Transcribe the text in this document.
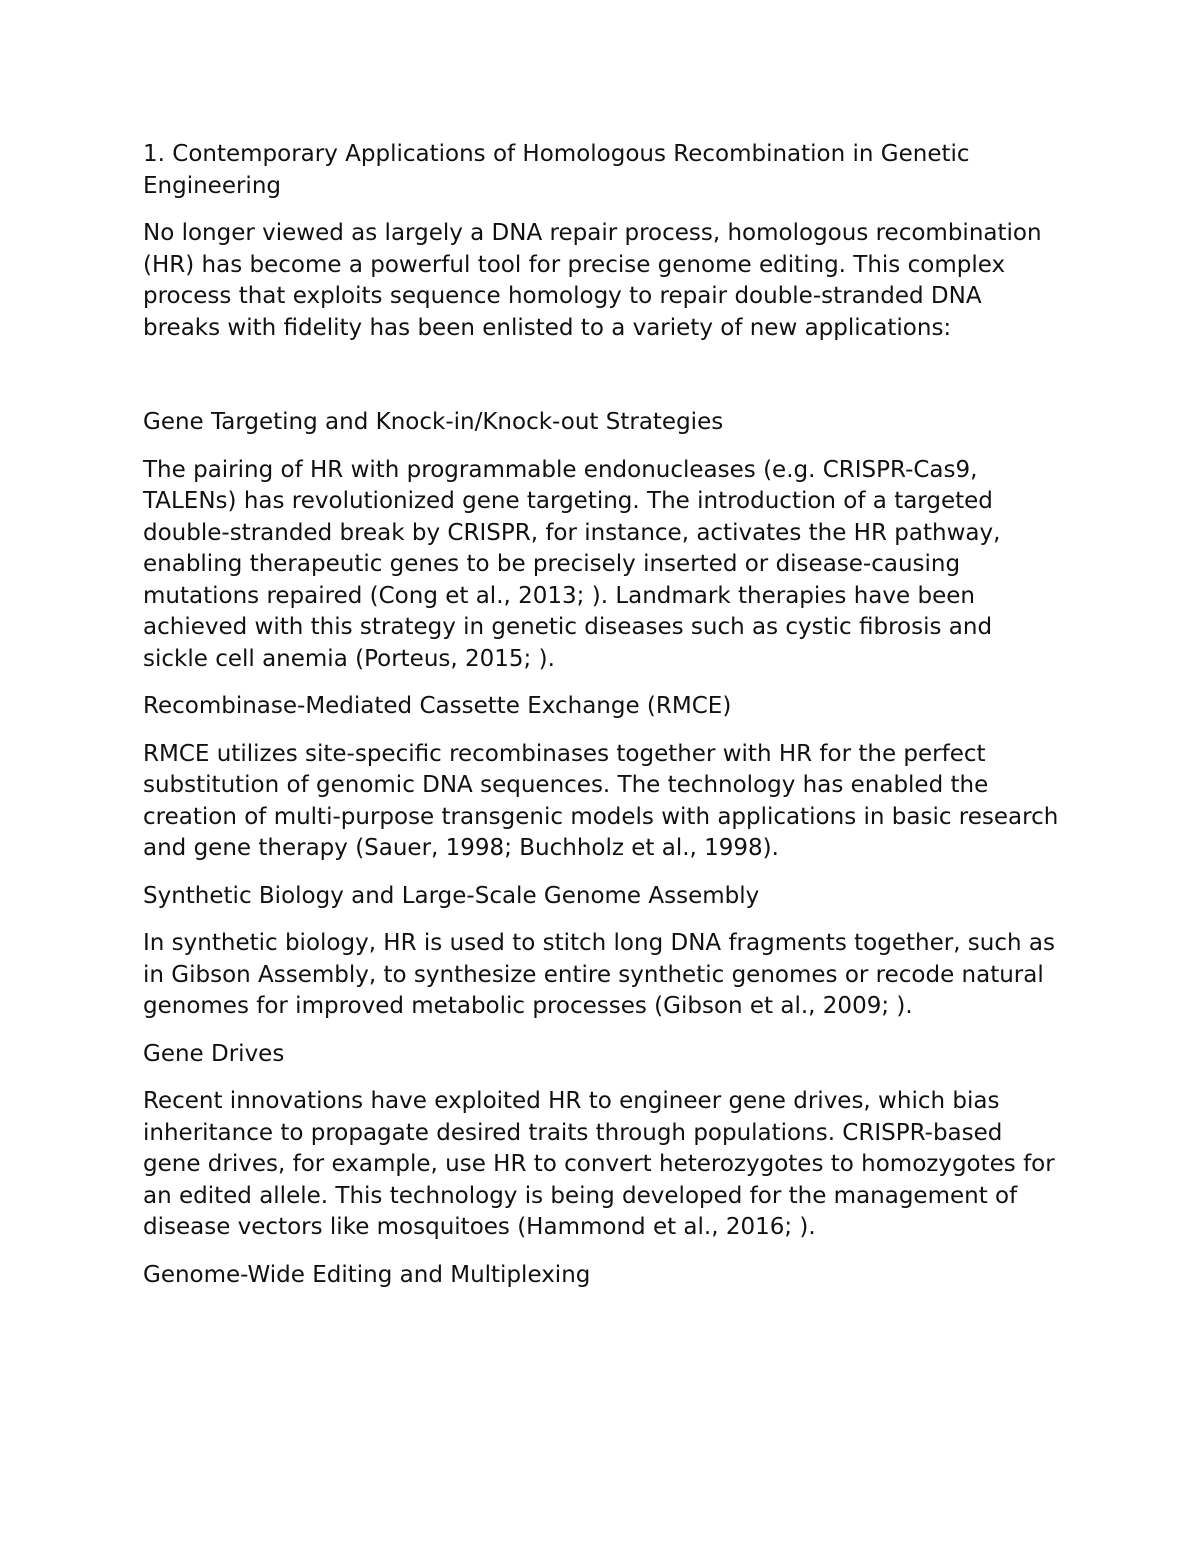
1. Contemporary Applications of Homologous Recombination in Genetic Engineering

No longer viewed as largely a DNA repair process, homologous recombination (HR) has become a powerful tool for precise genome editing. This complex process that exploits sequence homology to repair double-stranded DNA breaks with fidelity has been enlisted to a variety of new applications:

Gene Targeting and Knock-in/Knock-out Strategies

The pairing of HR with programmable endonucleases (e.g. CRISPR-Cas9, TALENs) has revolutionized gene targeting. The introduction of a targeted double-stranded break by CRISPR, for instance, activates the HR pathway, enabling therapeutic genes to be precisely inserted or disease-causing mutations repaired (Cong et al., 2013; ). Landmark therapies have been achieved with this strategy in genetic diseases such as cystic fibrosis and sickle cell anemia (Porteus, 2015; ).

Recombinase-Mediated Cassette Exchange (RMCE)

RMCE utilizes site-specific recombinases together with HR for the perfect substitution of genomic DNA sequences. The technology has enabled the creation of multi-purpose transgenic models with applications in basic research and gene therapy (Sauer, 1998; Buchholz et al., 1998).

Synthetic Biology and Large-Scale Genome Assembly

In synthetic biology, HR is used to stitch long DNA fragments together, such as in Gibson Assembly, to synthesize entire synthetic genomes or recode natural genomes for improved metabolic processes (Gibson et al., 2009; ).

Gene Drives

Recent innovations have exploited HR to engineer gene drives, which bias inheritance to propagate desired traits through populations. CRISPR-based gene drives, for example, use HR to convert heterozygotes to homozygotes for an edited allele. This technology is being developed for the management of disease vectors like mosquitoes (Hammond et al., 2016; ).

Genome-Wide Editing and Multiplexing
